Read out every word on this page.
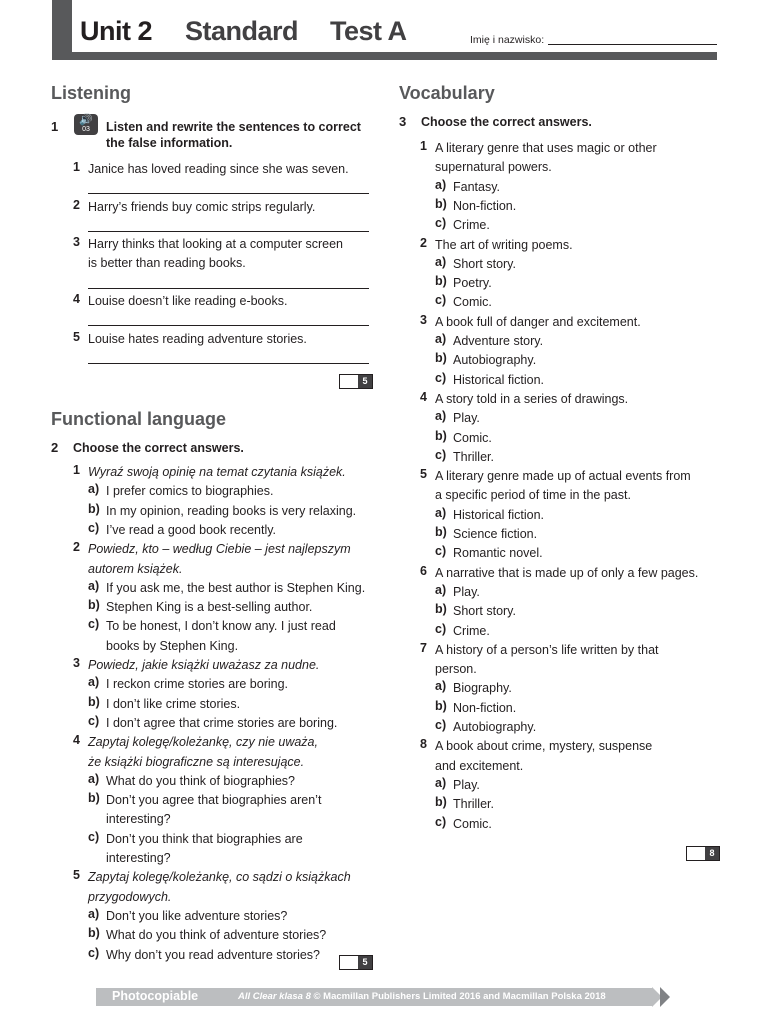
Unit 2 Standard Test A	Imię i nazwisko:
Listening
1	🔊
03	Listen and rewrite the sentences to correct
the false information.
1 Janice has loved reading since she was seven.
2 Harry’s friends buy comic strips regularly.
3 Harry thinks that looking at a computer screen
is better than reading books.
4 Louise doesn’t like reading e-books.
5 Louise hates reading adventure stories.
5
Functional language
2 Choose the correct answers.
1 Wyraź swoją opinię na temat czytania książek.
a) I prefer comics to biographies.
b) In my opinion, reading books is very relaxing.
c) I’ve read a good book recently.
2 Powiedz, kto – według Ciebie – jest najlepszym
autorem książek.
a) If you ask me, the best author is Stephen King.
b) Stephen King is a best-selling author.
c) To be honest, I don’t know any. I just read
books by Stephen King.
3 Powiedz, jakie książki uważasz za nudne.
a) I reckon crime stories are boring.
b) I don’t like crime stories.
c) I don’t agree that crime stories are boring.
4 Zapytaj kolegę/koleżankę, czy nie uważa,
że książki biograficzne są interesujące.
a) What do you think of biographies?
b) Don’t you agree that biographies aren’t
interesting?
c) Don’t you think that biographies are
interesting?
5 Zapytaj kolegę/koleżankę, co sądzi o książkach
przygodowych.
a) Don’t you like adventure stories?
b) What do you think of adventure stories?
c) Why don’t you read adventure stories?
5
Vocabulary
3 Choose the correct answers.
1 A literary genre that uses magic or other
supernatural powers.
a) Fantasy.
b) Non-fiction.
c) Crime.
2 The art of writing poems.
a) Short story.
b) Poetry.
c) Comic.
3 A book full of danger and excitement.
a) Adventure story.
b) Autobiography.
c) Historical fiction.
4 A story told in a series of drawings.
a) Play.
b) Comic.
c) Thriller.
5 A literary genre made up of actual events from
a specific period of time in the past.
a) Historical fiction.
b) Science fiction.
c) Romantic novel.
6 A narrative that is made up of only a few pages.
a) Play.
b) Short story.
c) Crime.
7 A history of a person’s life written by that
person.
a) Biography.
b) Non-fiction.
c) Autobiography.
8 A book about crime, mystery, suspense
and excitement.
a) Play.
b) Thriller.
c) Comic.
8
Photocopiable	All Clear klasa 8 © Macmillan Publishers Limited 2016 and Macmillan Polska 2018
